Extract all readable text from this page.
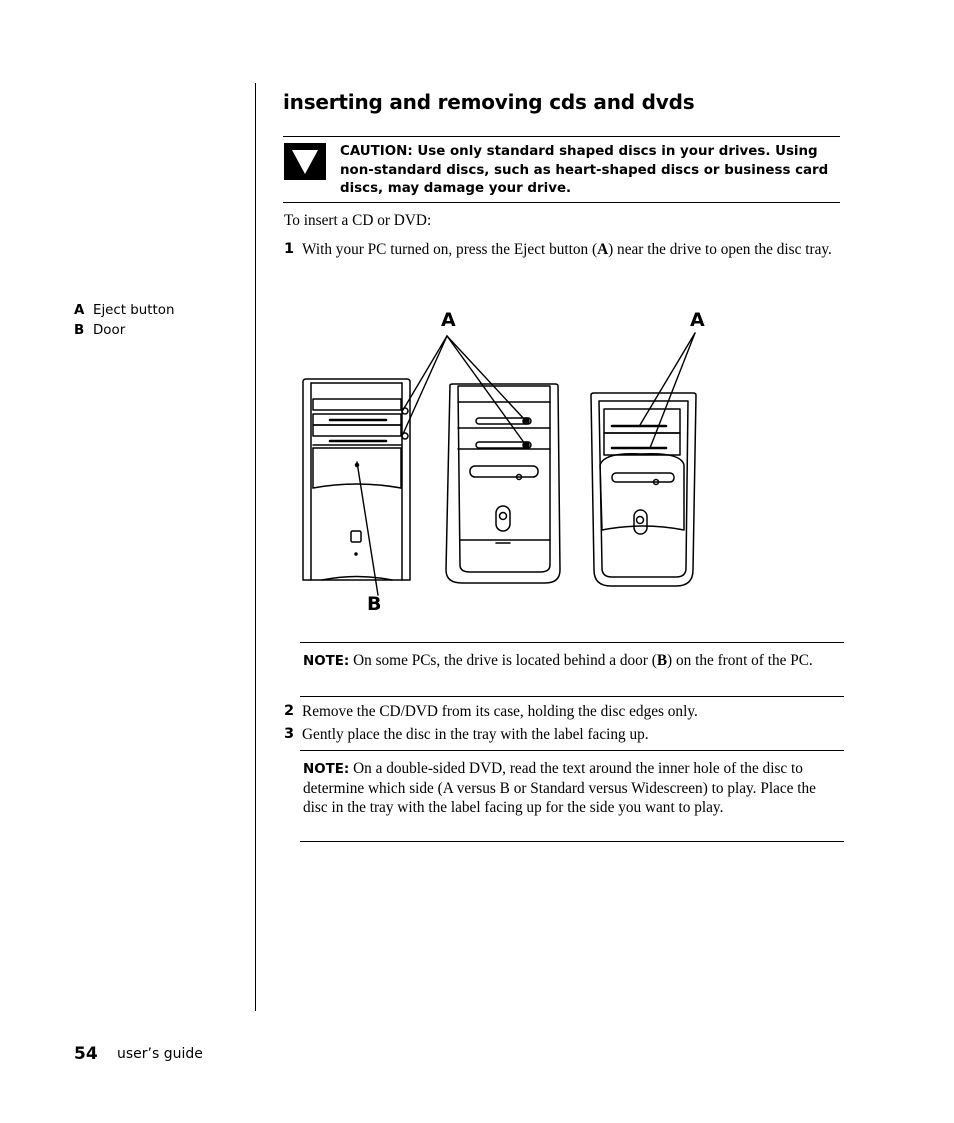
inserting and removing cds and dvds
CAUTION: Use only standard shaped discs in your drives. Using non-standard discs, such as heart-shaped discs or business card discs, may damage your drive.
To insert a CD or DVD:
1 With your PC turned on, press the Eject button (A) near the drive to open the disc tray.
A Eject button
B Door	A	A
B
NOTE: On some PCs, the drive is located behind a door (B) on the front of the PC.
2 Remove the CD/DVD from its case, holding the disc edges only.
3 Gently place the disc in the tray with the label facing up.
NOTE: On a double-sided DVD, read the text around the inner hole of the disc to determine which side (A versus B or Standard versus Widescreen) to play. Place the disc in the tray with the label facing up for the side you want to play.
54 user’s guide
